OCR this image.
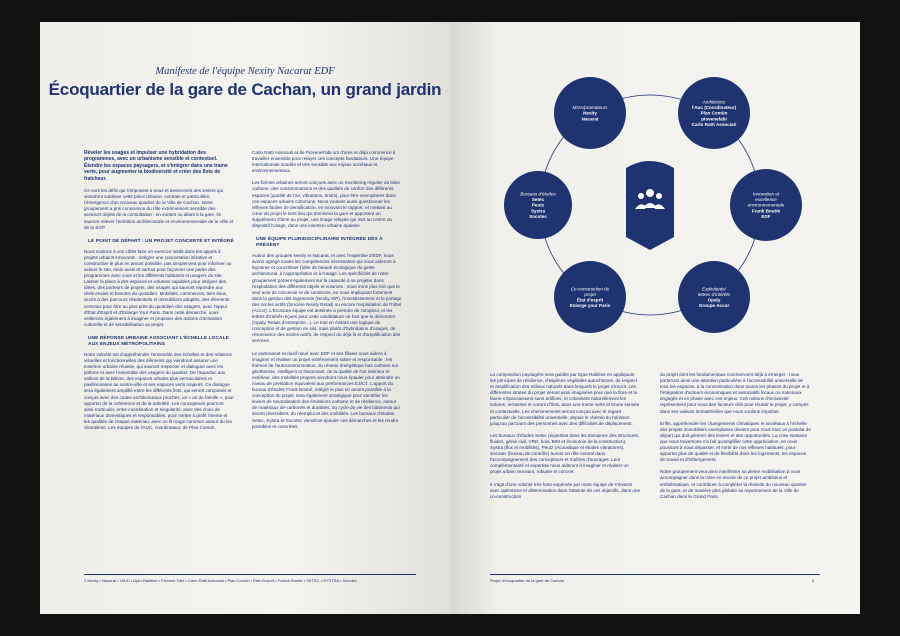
Manifeste de l'équipe Nexity Nacarat EDF
Écoquartier de la gare de Cachan, un grand jardin

Révéler les usages et impulser une hybridation des programmes, avec un urbanisme sensible et contextuel. Étendre les espaces paysagers, et s'intégrer dans une trame verte, pour augmenter la biodiversité et créer des îlots de fraîcheur.

Ce sont les défis qui s'imposent à nous et deviennent des leviers qui viendront sublimer cette pièce urbaine, centrale et particulière, l'émergence d'un nouveau quartier de la Ville de Cachan. Notre groupement a pris conscience du rôle extrêmement sensible des secteurs objets de la consultation : en sortant ou allant à la gare, ils sauront relever l'ambition architecturale et environnementale de la Ville et de la SGP.

LE POINT DE DÉPART : UN PROJET CONCERTÉ ET INTÉGRÉ

Nous voulons à vos côtés faire un exercice inédit dans les appels à projets urbains innovants : intégrer une concertation itérative et constructive le plus en amont possible, pas simplement pour informer ou activer le site, mais aussi et surtout pour façonner une partie des programmes avec vous et les différents habitants et usagers du site. Laisser la place à des espaces et volumes capables pour intégrer des idées, des porteurs de projets, des usages qui sauront répondre aux réels envies et besoins du quotidien. Mobilités, commerces, tiers lieux, accès à des parcours résidentiels et immobiliers adaptés, des éléments centraux pour être au plus près du quotidien des usagers, avec l'appui d'État d'Esprit et d'Enlarge Your Paris. Dans cette démarche, nous veillerons également à imaginer et proposer des actions d'activation culturelle et de sensibilisation au projet.

UNE RÉPONSE URBAINE ASSOCIANT L'ÉCHELLE LOCALE AUX ENJEUX MÉTROPOLITAINS

Notre volonté est d'appréhender l'ensemble des échelles et des relations visuelles et fonctionnelles des éléments qui viendront assurer une insertion urbaine réussie, qui sauront respecter et dialoguer avec les piétons et avec l'ensemble des usagers du quartier. De l'aqueduc aux vallons de la Bièvre, des espaces urbains plus vernaculaires et pavillonnaires au centre-ville et ses espaces verts majeurs. Ce dialogue sera également amplifié entre les différents îlots, qui seront composés et conçus avec des codes architecturaux proches, un « air de famille », pour apporter de la cohérence et de la sobriété. Les concepteurs pourront ainsi s'articuler, entre coordination et singularité, avec des choix de matériaux domestiques et responsables, pour mettre à profit l'inertie et les qualités de chaque matériau, avec un fil rouge commun autour du bio climatisme. Les équipes de l'AUC, coordinateur, de Plan Comün,

Carlo Ratti Associati et de PioveneFabi ont d'ores et déjà commencé à travailler ensemble pour relayer ces concepts fondateurs. Une équipe internationale soudée et très sensible aux enjeux sociétaux et environnementaux.

Les formes urbaines seront conçues avec un monitoring régulier du bilan carbone, des consommations et des qualités de confort des différents espaces (qualité de l'air, vibrations, bruits), pour être exemplaires dans ces espaces urbains communs. Nous voulons aussi questionner les réflexes faciles de densification, en innovant le rapport, et mettant au cœur du projet le tiers lieu qui dominera la gare et apportera un supplément d'âme au projet, une image relayée qui met au centre du dispositif l'usage, dans une insertion urbaine apaisée.

UNE ÉQUIPE PLURIDISCIPLINAIRE INTÉGRÉE DÈS À PRÉSENT

Autour des groupes Nexity et Nacarat, et avec l'expertise d'EDF, nous avons agrégé toutes les compétences nécessaires qui nous aideront à façonner et concrétiser l'idée de beauté écologique du geste architectural, à l'appropriation et à l'usage. Les spécificités de notre groupement portent également sur la capacité à se projeter dans l'exploitation des différents objets et volumes : nous irons plus loin que le seul acte de concevoir et de construire, en nous impliquant fortement dans la gestion des logements (Nexity SIP), l'investissement et le portage des socles actifs (foncière Nexity Retail) ou encore l'exploitation de l'hôtel (Accor). L'ÉcoGare équipe est destinée à prendre de l'ampleur, et les lettres d'intérêt reçues pour cette candidature ne font que le démontrer (Opaly, Relais d'entreprise...). Le tout en évitant une logique de conception et de gestion en silo, mais plutôt d'hybridation d'usages, de résonnance des socles actifs, de respect du déjà là et d'amplification des services.

Le partenariat exclusif noué avec EDF et ses filiales nous aidera à imaginer et réaliser un projet extrêmement sobre et responsable : les thèmes de l'autoconsommation, du réseau énergétique bas carbone sur géothermie, intelligent et foisonnant, de la qualité de l'air intérieur et extérieur, des mobilités propres viendront nous épauler pour atteindre un niveau de prestation équivalent aux performances E3/C4. L'apport du bureau d'études Frank Boutté, intégré le plus en amont possible à la conception du projet, sera également stratégique pour identifier les leviers de neutralisation des émissions carbone et de résilience, autour de matériaux dé-carbonés et durables, du cycle de vie des bâtiments qui seront réversibles, du réemploi et des mobilités. Les bureaux d'études Setec, Systra et Socotec viendront épauler ces démarches et les rendre possibles et concrètes.

2 Nexity • Nacarat • l'AUC • Djao-Rakitine • Piovene Fabi • Carlo Ratti Associati • Plan Comün • État d'esprit • Franck Boutté • SETEC • SYSTRA • Socotec
MOA/promoteurs
Nexity
Nacarat
Architectes
l'Auc (Coordinateur)
Plan Comün
piovenefabi
Carlo Ratti Associati
Innovation et
excellence
environnementale
Frank Boutté
EDF
Exploitants/
lettres d'intérêts
Opaly
Groupe Accor
Co-construction du
projet
État d'esprit
Enlarge your Paris
Bureaux d'études
Setec
Peutz
Systra
Socotec

La composition paysagère sera guidée par Djao-Rakitine en appliquant les principes de résilience, d'espèces végétales autochtones, de respect et amplification des milieux naturels dans lesquels le projet s'inscrit. Les différentes strates du projet seront ainsi imaginées pour que la flore et la faune s'épanouissent sans artifices, et colonisent naturellement les toitures, terrasses et cœurs d'îlots, dans une trame verte et brune sensée et contextuelle. Les cheminements seront conçus avec le regard particulier de l'accessibilité universelle, depuis le chemin du hérisson jusqu'au parcours des personnes avec des difficultés de déplacement.

Les bureaux d'études Setec (expertise dans les domaines des structures, fluides, génie civil, VRD, bois, BIM et économie de la construction), Systra (flux et mobilités), Peutz (Acoustique et études vibratoires), Socotec (bureau de contrôle) auront un rôle central dans l'accompagnement des concepteurs et maîtres d'ouvrages. Leur complémentarité et expertise nous aideront à imaginer et réaliser un projet urbain innovant, robuste et concret.

Il s'agit d'une volonté très forte exprimée par notre équipe de s'investir avec optimisme et détermination dans l'atteinte de ces objectifs, dans une co-construction

du projet dont les fondamentaux commencent déjà à émerger : nous porterons ainsi une attention particulière à l'accessibilité universelle de tous les espaces, à la concentration dans toutes les phases du projet et à l'intégration d'acteurs économiques et associatifs locaux ou nationaux engagés et en phase avec ces enjeux. Ces notions d'inclusivité représentent pour nous des facteurs clés pour réussir le projet, y compris dans ses valeurs immatérielles que nous voulons impulser.

Enfin, appréhender les changements climatiques et sociétaux à l'échelle des projets immobiliers exemplaires devient pour nous tous un postulat de départ qui doit générer des leviers et des opportunités. La crise sanitaire que nous traversons n'a fait qu'amplifier cette appréciation, en nous poussant à nous dépasser, et sortir de nos réflexes habituels, pour apporter plus de qualité et de flexibilité dans les logements, les espaces de travail et d'hébergement.

Notre groupement veut ainsi manifester sa pleine mobilisation à vous accompagner dans la mise en œuvre de ce projet ambitieux et emblématique, et contribuer à compléter la réussite du nouveau quartier de la gare, et de manière plus globale au rayonnement de la Ville de Cachan dans le Grand Paris.

Projet d'écoquartier de la gare de Cachan	3
